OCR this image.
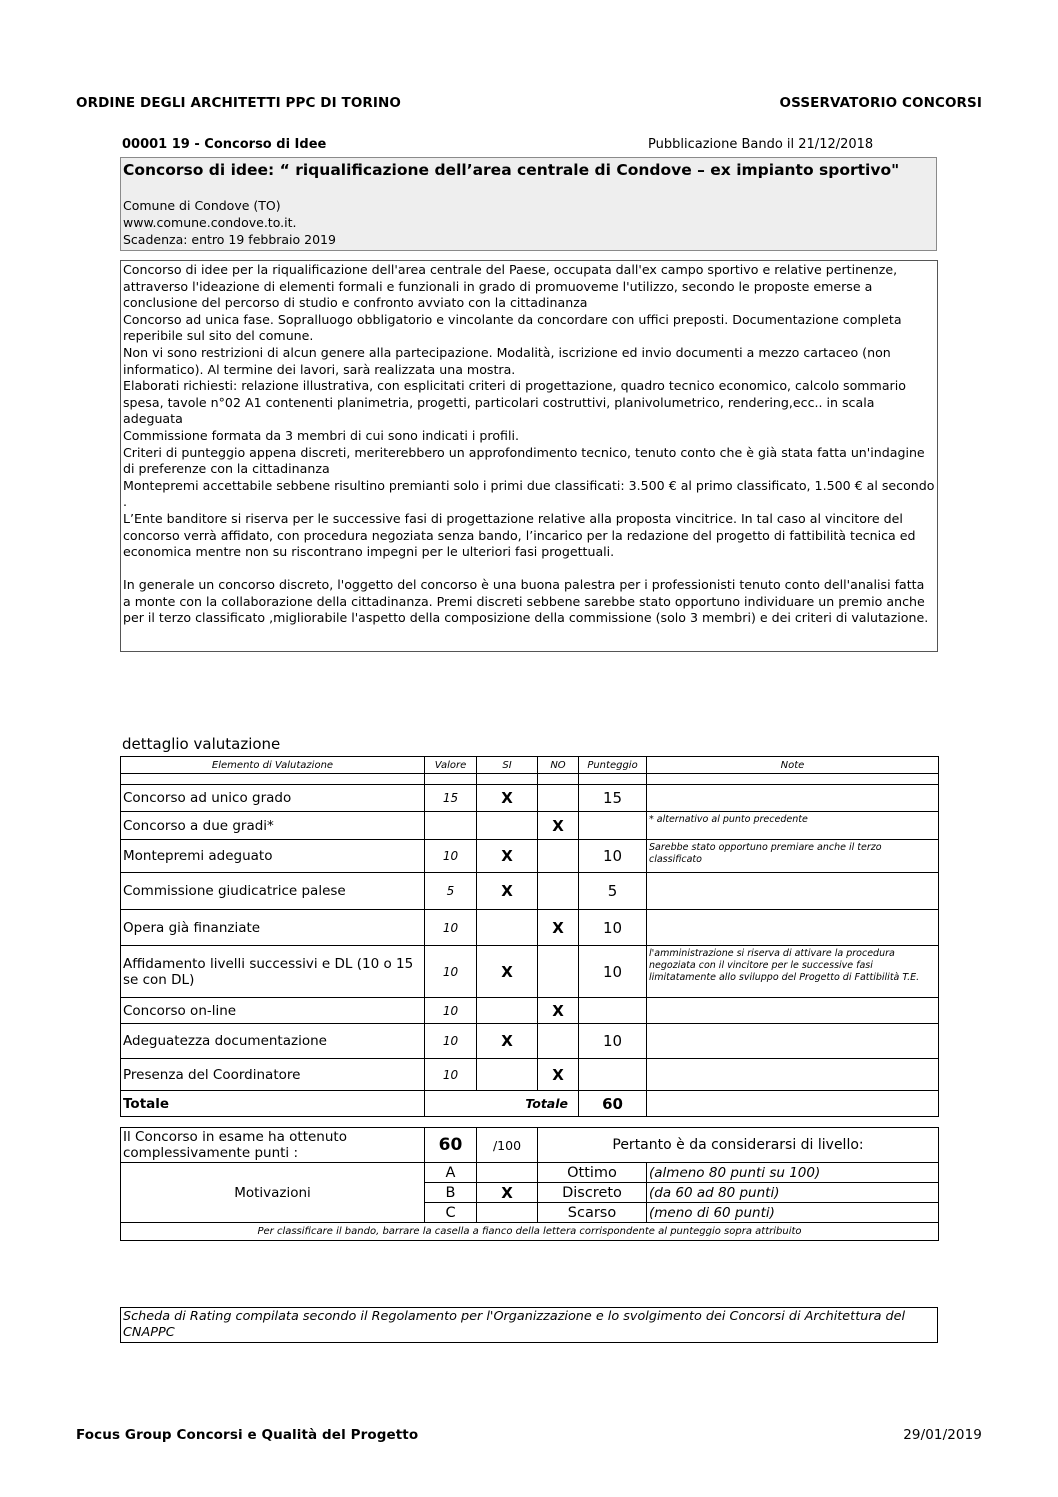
ORDINE DEGLI ARCHITETTI PPC DI TORINO	OSSERVATORIO CONCORSI
00001 19 - Concorso di Idee	Pubblicazione Bando il 21/12/2018
Concorso di idee: “ riqualificazione dell’area centrale di Condove – ex impianto sportivo"
Comune di Condove (TO)
www.comune.condove.to.it.
Scadenza: entro 19 febbraio 2019

Concorso di idee per la riqualificazione dell'area centrale del Paese, occupata dall'ex campo sportivo e relative pertinenze, attraverso l'ideazione di elementi formali e funzionali in grado di promuoveme l'utilizzo, secondo le proposte emerse a conclusione del percorso di studio e confronto avviato con la cittadinanza

Concorso ad unica fase. Sopralluogo obbligatorio e vincolante da concordare con uffici preposti. Documentazione completa reperibile sul sito del comune.

Non vi sono restrizioni di alcun genere alla partecipazione. Modalità, iscrizione ed invio documenti a mezzo cartaceo (non informatico). Al termine dei lavori, sarà realizzata una mostra.

Elaborati richiesti: relazione illustrativa, con esplicitati criteri di progettazione, quadro tecnico economico, calcolo sommario spesa, tavole n°02 A1 contenenti planimetria, progetti, particolari costruttivi, planivolumetrico, rendering,ecc.. in scala adeguata

Commissione formata da 3 membri di cui sono indicati i profili.

Criteri di punteggio appena discreti, meriterebbero un approfondimento tecnico, tenuto conto che è già stata fatta un'indagine di preferenze con la cittadinanza

Montepremi accettabile sebbene risultino premianti solo i primi due classificati: 3.500 € al primo classificato, 1.500 € al secondo .

L’Ente banditore si riserva per le successive fasi di progettazione relative alla proposta vincitrice. In tal caso al vincitore del concorso verrà affidato, con procedura negoziata senza bando, l’incarico per la redazione del progetto di fattibilità tecnica ed economica mentre non su riscontrano impegni per le ulteriori fasi progettuali.

In generale un concorso discreto, l'oggetto del concorso è una buona palestra per i professionisti tenuto conto dell'analisi fatta a monte con la collaborazione della cittadinanza. Premi discreti sebbene sarebbe stato opportuno individuare un premio anche per il terzo classificato ,migliorabile l'aspetto della composizione della commissione (solo 3 membri) e dei criteri di valutazione.

dettaglio valutazione
Elemento di Valutazione	Valore	SI	NO	Punteggio	Note

Concorso ad unico grado	15	X		15	
Concorso a due gradi*			X		* alternativo al punto precedente
Montepremi adeguato	10	X		10	Sarebbe stato opportuno premiare anche il terzo classificato
Commissione giudicatrice palese	5	X		5	
Opera già finanziate	10		X	10	
Affidamento livelli successivi e DL (10 o 15 se con DL)	10	X		10	l'amministrazione si riserva di attivare la procedura negoziata con il vincitore per le successive fasi limitatamente allo sviluppo del Progetto di Fattibilità T.E.
Concorso on-line	10		X		
Adeguatezza documentazione	10	X		10	
Presenza del Coordinatore	10		X		
Totale	Totale			60	
Il Concorso in esame ha ottenuto complessivamente punti :	60	/100	Pertanto è da considerarsi di livello:	
Motivazioni	A		Ottimo	(almeno 80 punti su 100)
	B	X	Discreto	(da 60 ad 80 punti)
	C		Scarso	(meno di 60 punti)
Per classificare il bando, barrare la casella a fianco della lettera corrispondente al punteggio sopra attribuito				
Scheda di Rating compilata secondo il Regolamento per l'Organizzazione e lo svolgimento dei Concorsi di Architettura del CNAPPC
Focus Group Concorsi e Qualità del Progetto	29/01/2019
